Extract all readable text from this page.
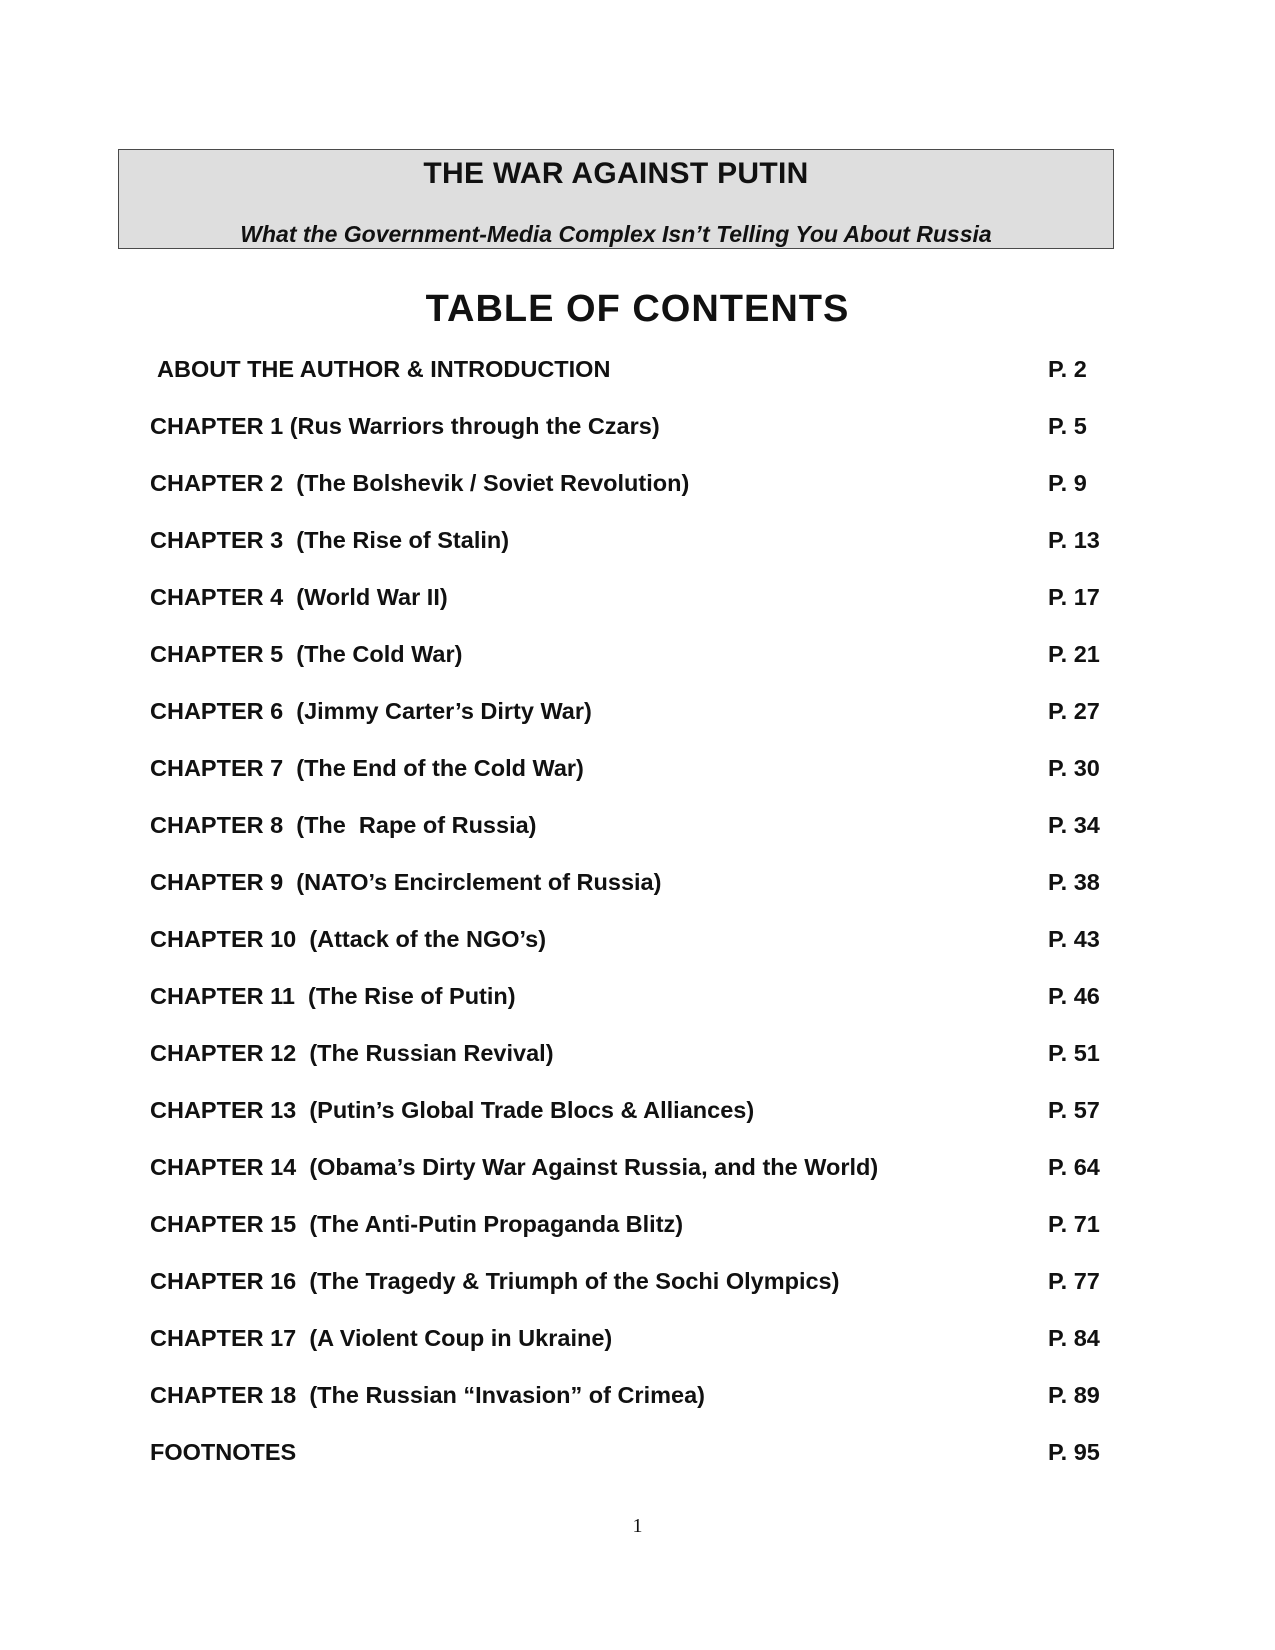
THE WAR AGAINST PUTIN
What the Government-Media Complex Isn’t Telling You About Russia
TABLE OF CONTENTS
ABOUT THE AUTHOR & INTRODUCTION	P. 2
CHAPTER 1 (Rus Warriors through the Czars)	P. 5
CHAPTER 2  (The Bolshevik / Soviet Revolution)	P. 9
CHAPTER 3  (The Rise of Stalin)	P. 13
CHAPTER 4  (World War II)	P. 17
CHAPTER 5  (The Cold War)	P. 21
CHAPTER 6  (Jimmy Carter’s Dirty War)	P. 27
CHAPTER 7  (The End of the Cold War)	P. 30
CHAPTER 8  (The  Rape of Russia)	P. 34
CHAPTER 9  (NATO’s Encirclement of Russia)	P. 38
CHAPTER 10  (Attack of the NGO’s)	P. 43
CHAPTER 11  (The Rise of Putin)	P. 46
CHAPTER 12  (The Russian Revival)	P. 51
CHAPTER 13  (Putin’s Global Trade Blocs & Alliances)	P. 57
CHAPTER 14  (Obama’s Dirty War Against Russia, and the World)	P. 64
CHAPTER 15  (The Anti-Putin Propaganda Blitz)	P. 71
CHAPTER 16  (The Tragedy & Triumph of the Sochi Olympics)	P. 77
CHAPTER 17  (A Violent Coup in Ukraine)	P. 84
CHAPTER 18  (The Russian “Invasion” of Crimea)	P. 89
FOOTNOTES	P. 95
1
